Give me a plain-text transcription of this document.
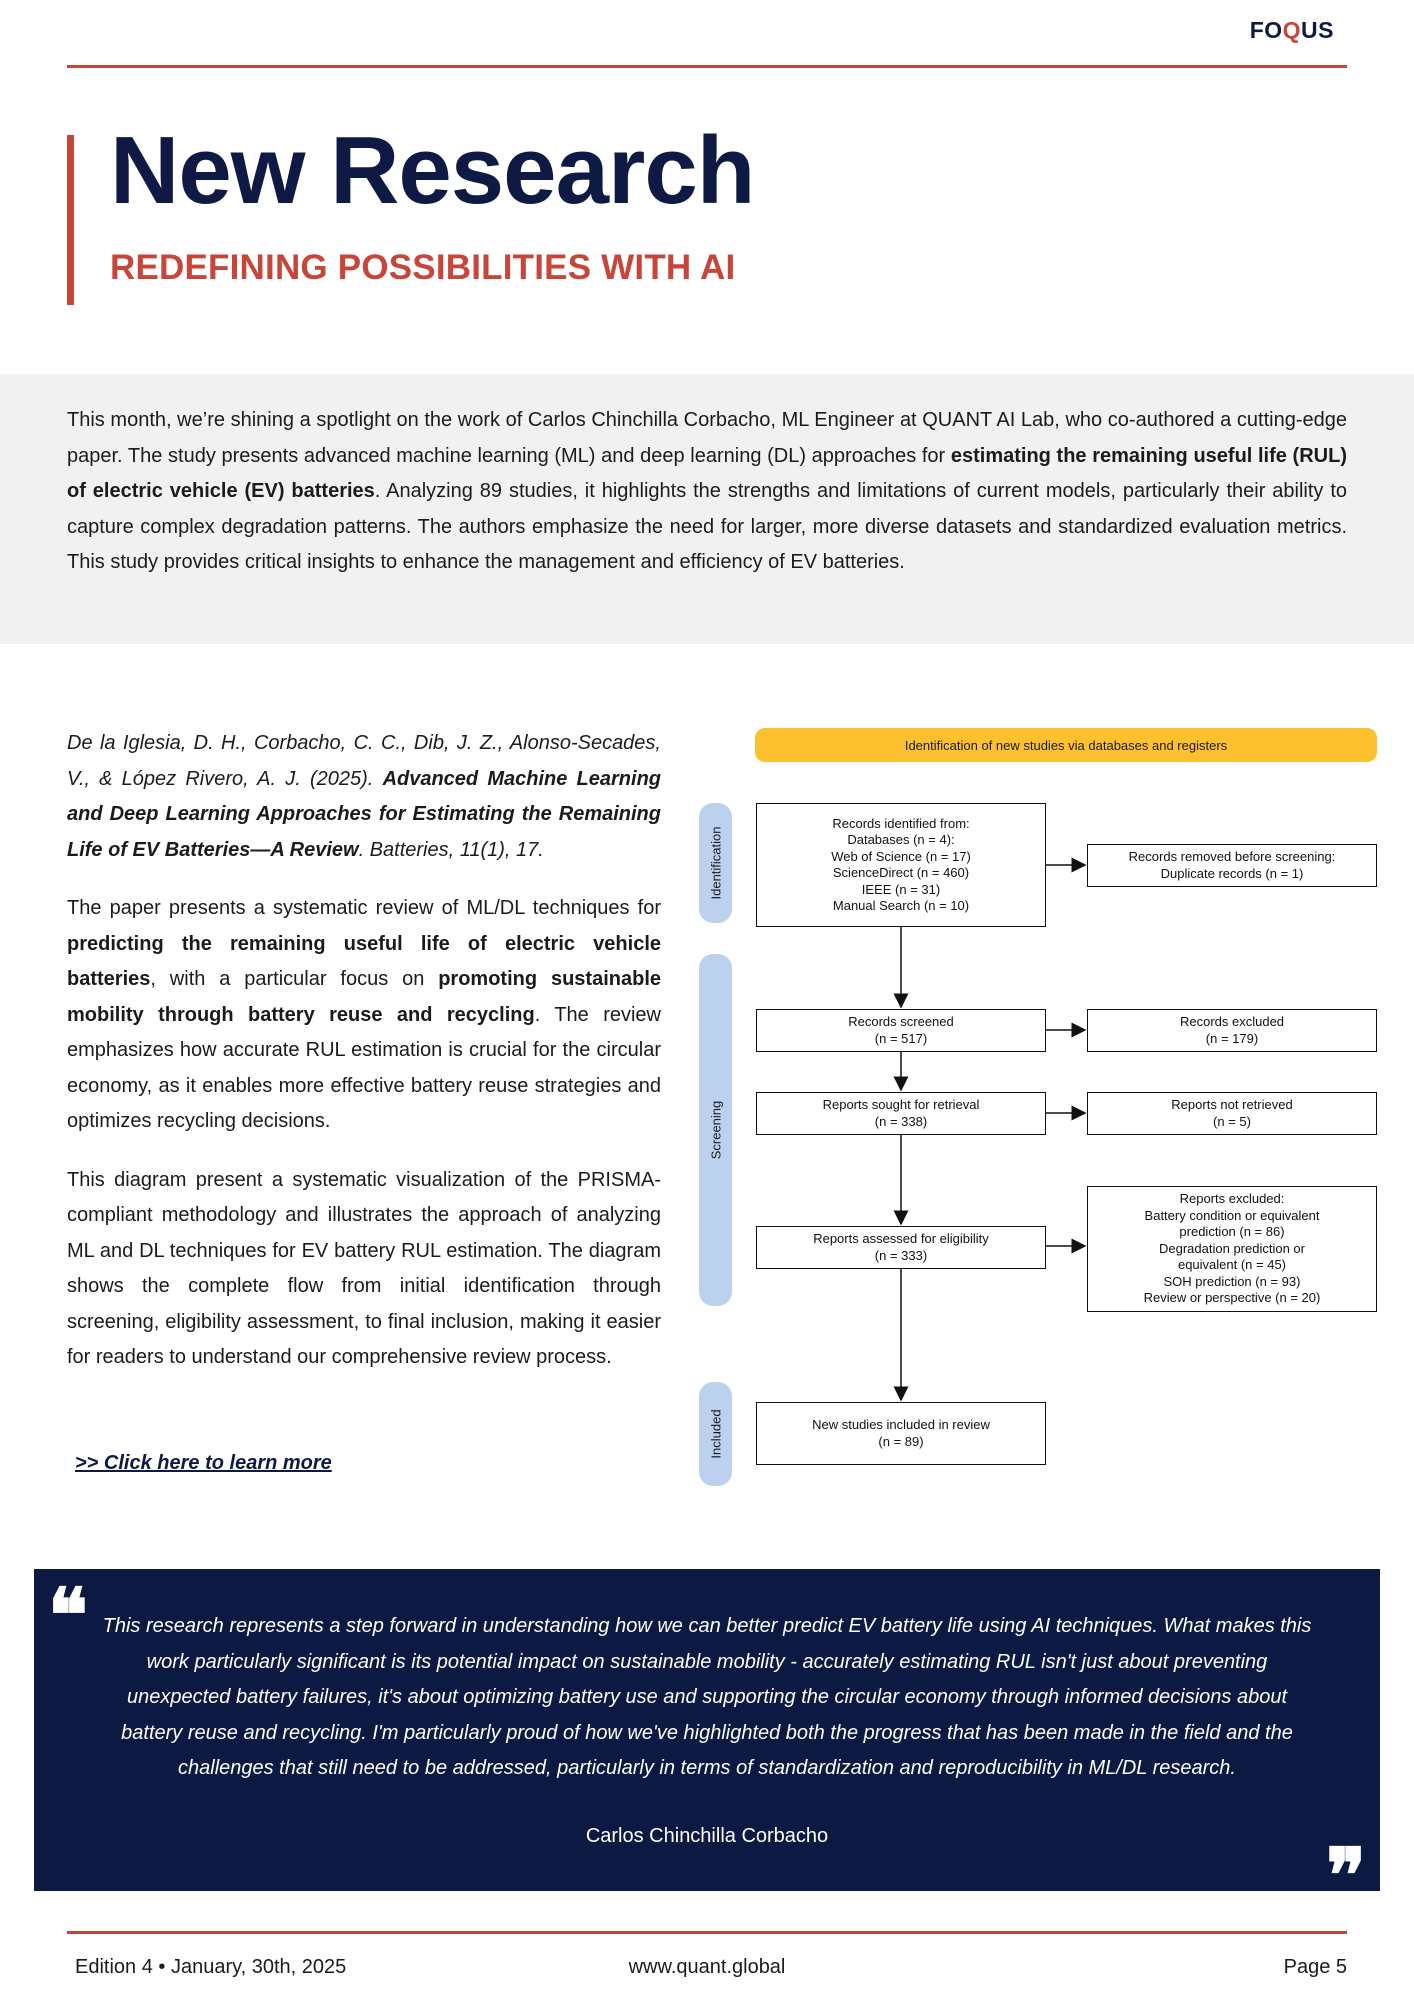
FOQUS
New Research
REDEFINING POSSIBILITIES WITH AI

This month, we’re shining a spotlight on the work of Carlos Chinchilla Corbacho, ML Engineer at QUANT AI Lab, who co-authored a cutting-edge paper. The study presents advanced machine learning (ML) and deep learning (DL) approaches for estimating the remaining useful life (RUL) of electric vehicle (EV) batteries. Analyzing 89 studies, it highlights the strengths and limitations of current models, particularly their ability to capture complex degradation patterns. The authors emphasize the need for larger, more diverse datasets and standardized evaluation metrics. This study provides critical insights to enhance the management and efficiency of EV batteries.

De la Iglesia, D. H., Corbacho, C. C., Dib, J. Z., Alonso-Secades, V., & López Rivero, A. J. (2025). Advanced Machine Learning and Deep Learning Approaches for Estimating the Remaining Life of EV Batteries—A Review. Batteries, 11(1), 17.

The paper presents a systematic review of ML/DL techniques for predicting the remaining useful life of electric vehicle batteries, with a particular focus on promoting sustainable mobility through battery reuse and recycling. The review emphasizes how accurate RUL estimation is crucial for the circular economy, as it enables more effective battery reuse strategies and optimizes recycling decisions.

This diagram present a systematic visualization of the PRISMA-compliant methodology and illustrates the approach of analyzing ML and DL techniques for EV battery RUL estimation. The diagram shows the complete flow from initial identification through screening, eligibility assessment, to final inclusion, making it easier for readers to understand our comprehensive review process.

>> Click here to learn more
Identification of new studies via databases and registers
Identification
Screening
Included
Records identified from:
Databases (n = 4):
Web of Science (n = 17)
ScienceDirect (n = 460)
IEEE (n = 31)
Manual Search (n = 10)
Records removed before screening:
Duplicate records (n = 1)
Records screened
(n = 517)
Records excluded
(n = 179)
Reports sought for retrieval
(n = 338)
Reports not retrieved
(n = 5)
Reports assessed for eligibility
(n = 333)
Reports excluded:
Battery condition or equivalent
prediction (n = 86)
Degradation prediction or
equivalent (n = 45)
SOH prediction (n = 93)
Review or perspective (n = 20)
New studies included in review
(n = 89)
❝ This research represents a step forward in understanding how we can better predict EV battery life using AI techniques. What makes this work particularly significant is its potential impact on sustainable mobility - accurately estimating RUL isn't just about preventing unexpected battery failures, it's about optimizing battery use and supporting the circular economy through informed decisions about battery reuse and recycling. I'm particularly proud of how we've highlighted both the progress that has been made in the field and the challenges that still need to be addressed, particularly in terms of standardization and reproducibility in ML/DL research.

Carlos Chinchilla Corbacho	❞
Edition 4 • January, 30th, 2025	www.quant.global	Page 5
